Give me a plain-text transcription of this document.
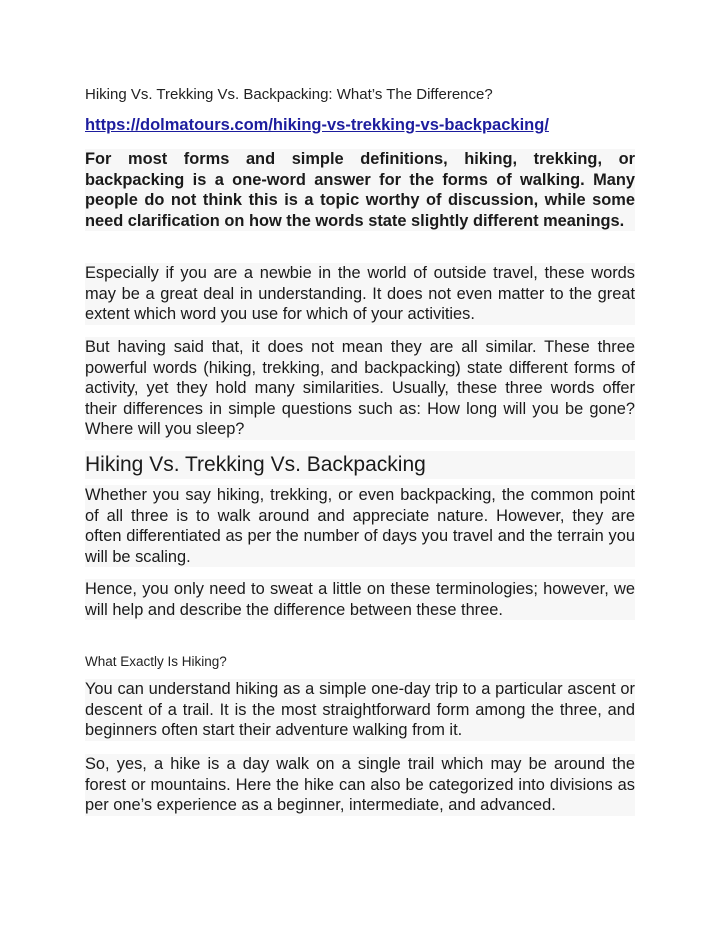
Hiking Vs. Trekking Vs. Backpacking: What’s The Difference?
https://dolmatours.com/hiking-vs-trekking-vs-backpacking/

For most forms and simple definitions, hiking, trekking, or backpacking is a one-word answer for the forms of walking. Many people do not think this is a topic worthy of discussion, while some need clarification on how the words state slightly different meanings.

Especially if you are a newbie in the world of outside travel, these words may be a great deal in understanding. It does not even matter to the great extent which word you use for which of your activities.

But having said that, it does not mean they are all similar. These three powerful words (hiking, trekking, and backpacking) state different forms of activity, yet they hold many similarities. Usually, these three words offer their differences in simple questions such as: How long will you be gone? Where will you sleep?

Hiking Vs. Trekking Vs. Backpacking

Whether you say hiking, trekking, or even backpacking, the common point of all three is to walk around and appreciate nature. However, they are often differentiated as per the number of days you travel and the terrain you will be scaling.

Hence, you only need to sweat a little on these terminologies; however, we will help and describe the difference between these three.

What Exactly Is Hiking?

You can understand hiking as a simple one-day trip to a particular ascent or descent of a trail. It is the most straightforward form among the three, and beginners often start their adventure walking from it.

So, yes, a hike is a day walk on a single trail which may be around the forest or mountains. Here the hike can also be categorized into divisions as per one’s experience as a beginner, intermediate, and advanced.
